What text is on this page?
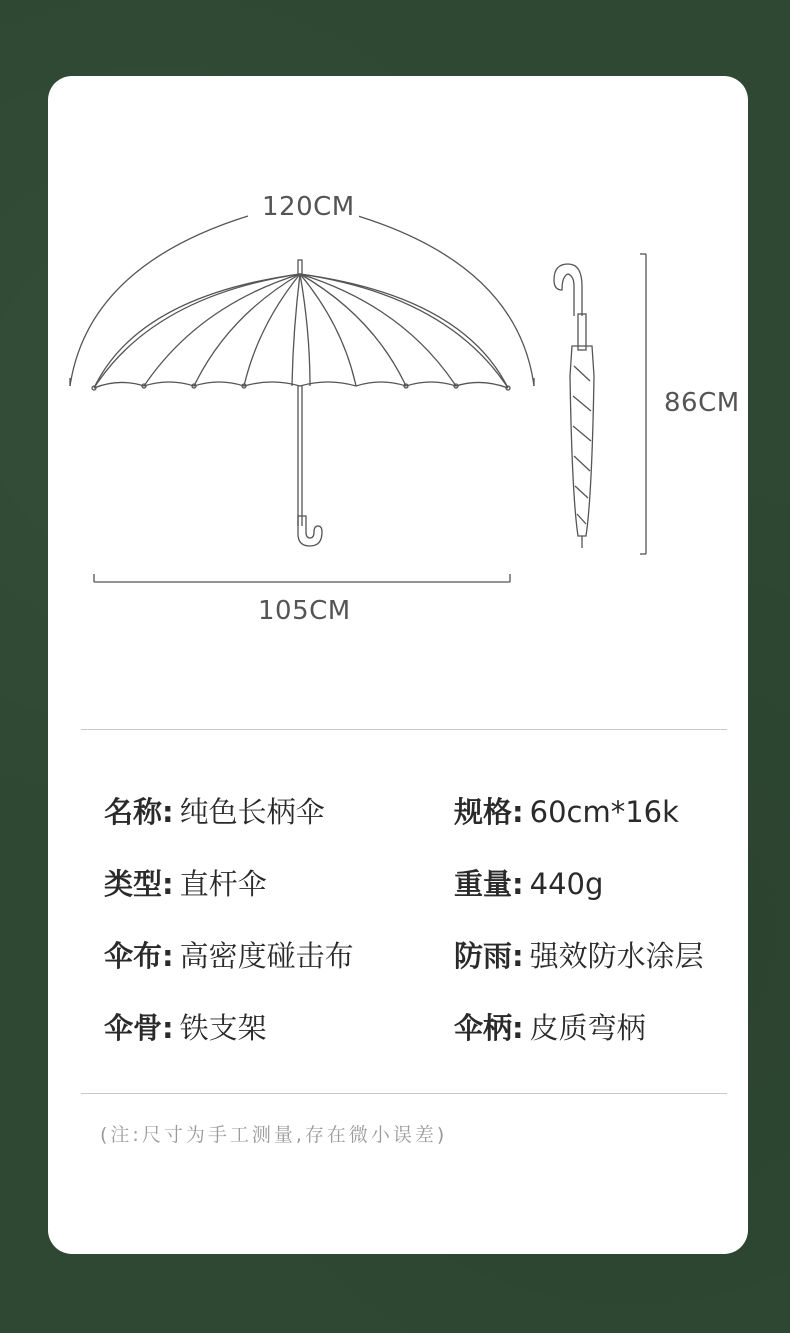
120CM
105CM
86CM
名称: 纯色长柄伞	规格: 60cm*16k
类型: 直杆伞	重量: 440g
伞布: 高密度碰击布	防雨: 强效防水涂层
伞骨: 铁支架	伞柄: 皮质弯柄
(注:尺寸为手工测量,存在微小误差)
